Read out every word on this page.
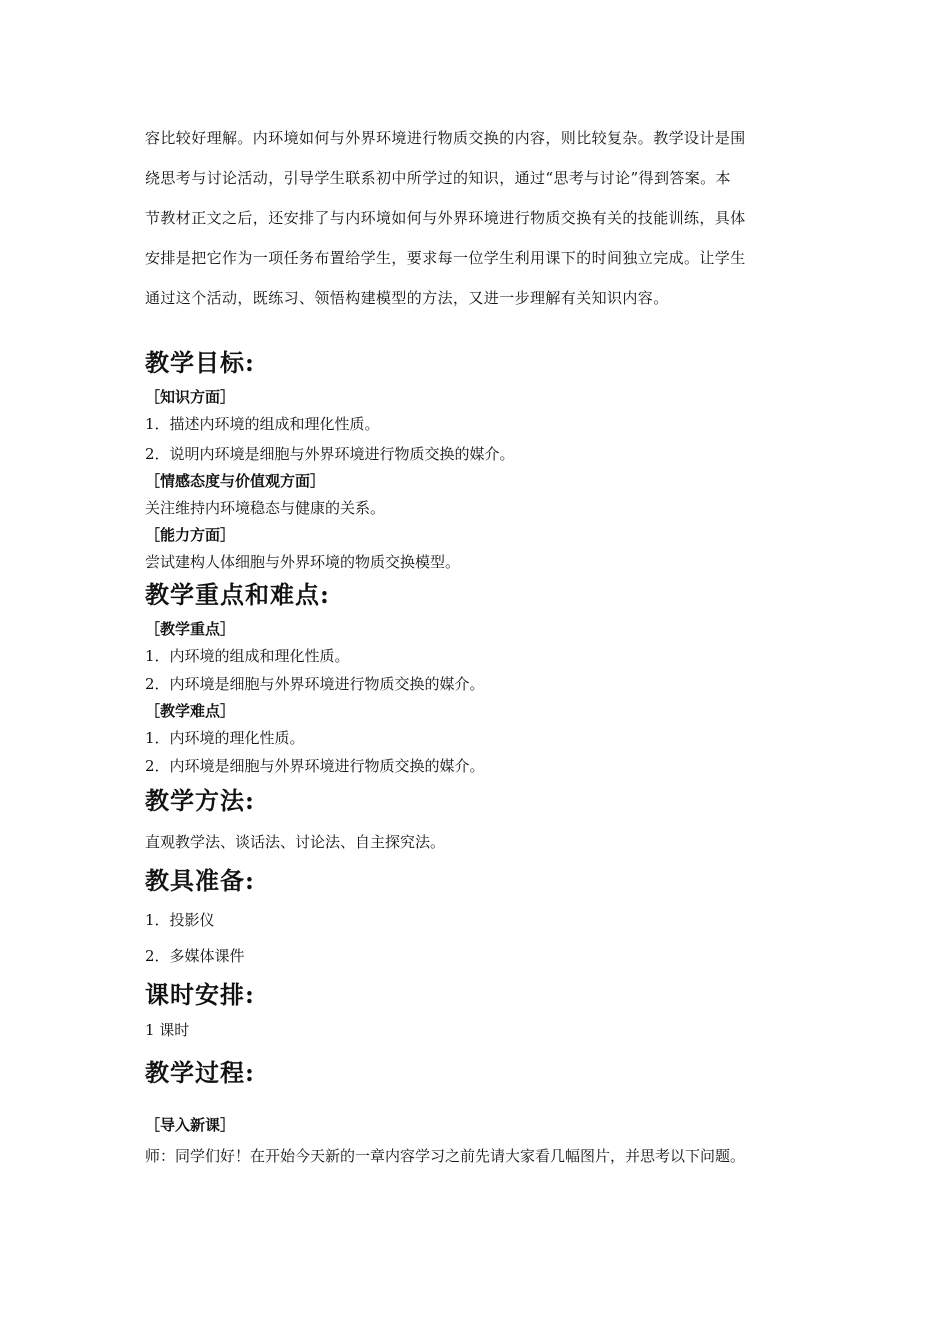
容比较好理解。内环境如何与外界环境进行物质交换的内容，则比较复杂。教学设计是围

绕思考与讨论活动，引导学生联系初中所学过的知识，通过“思考与讨论”得到答案。本

节教材正文之后，还安排了与内环境如何与外界环境进行物质交换有关的技能训练，具体

安排是把它作为一项任务布置给学生，要求每一位学生利用课下的时间独立完成。让学生

通过这个活动，既练习、领悟构建模型的方法，又进一步理解有关知识内容。

教学目标:

［知识方面］

1．描述内环境的组成和理化性质。

2．说明内环境是细胞与外界环境进行物质交换的媒介。

［情感态度与价值观方面］

关注维持内环境稳态与健康的关系。

［能力方面］

尝试建构人体细胞与外界环境的物质交换模型。

教学重点和难点:

［教学重点］

1．内环境的组成和理化性质。

2．内环境是细胞与外界环境进行物质交换的媒介。

［教学难点］

1．内环境的理化性质。

2．内环境是细胞与外界环境进行物质交换的媒介。

教学方法:

直观教学法、谈话法、讨论法、自主探究法。

教具准备:

1．投影仪

2．多媒体课件

课时安排:

1 课时

教学过程:

［导入新课］

师：同学们好！在开始今天新的一章内容学习之前先请大家看几幅图片，并思考以下问题。
